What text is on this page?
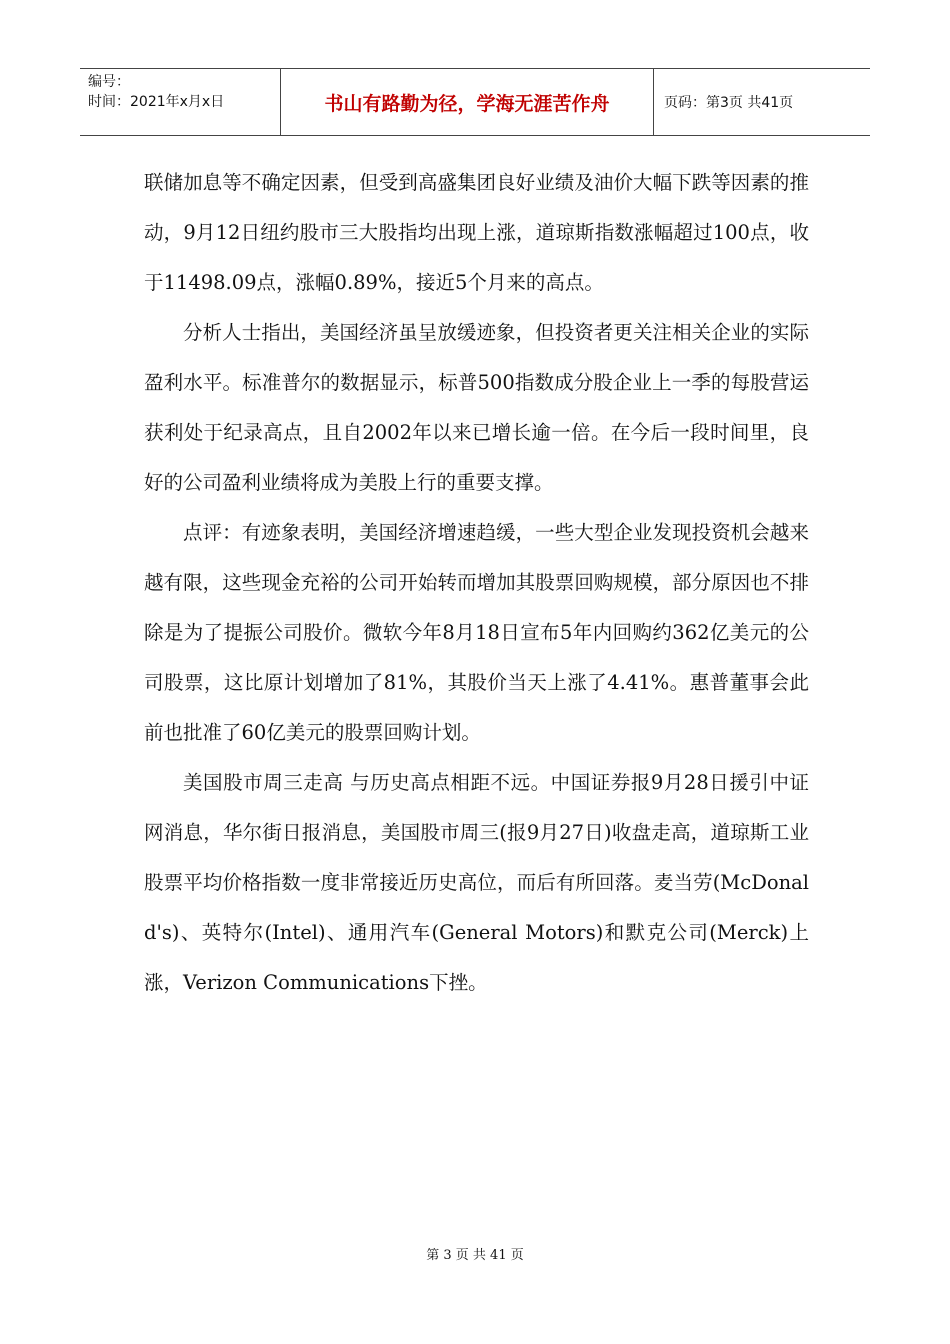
编号：
时间：2021年x月x日	书山有路勤为径，学海无涯苦作舟	页码：第3页 共41页

联储加息等不确定因素，但受到高盛集团良好业绩及油价大幅下跌等因素的推动，9月12日纽约股市三大股指均出现上涨，道琼斯指数涨幅超过100点，收于11498.09点，涨幅0.89%，接近5个月来的高点。

分析人士指出，美国经济虽呈放缓迹象，但投资者更关注相关企业的实际盈利水平。标准普尔的数据显示，标普500指数成分股企业上一季的每股营运获利处于纪录高点，且自2002年以来已增长逾一倍。在今后一段时间里，良好的公司盈利业绩将成为美股上行的重要支撑。

点评：有迹象表明，美国经济增速趋缓，一些大型企业发现投资机会越来越有限，这些现金充裕的公司开始转而增加其股票回购规模，部分原因也不排除是为了提振公司股价。微软今年8月18日宣布5年内回购约362亿美元的公司股票，这比原计划增加了81%，其股价当天上涨了4.41%。惠普董事会此前也批准了60亿美元的股票回购计划。

美国股市周三走高 与历史高点相距不远。中国证券报9月28日援引中证网消息，华尔街日报消息，美国股市周三(报9月27日)收盘走高，道琼斯工业股票平均价格指数一度非常接近历史高位，而后有所回落。麦当劳(McDonald's)、英特尔(Intel)、通用汽车(General Motors)和默克公司(Merck)上涨，Verizon Communications下挫。

第 3 页 共 41 页
